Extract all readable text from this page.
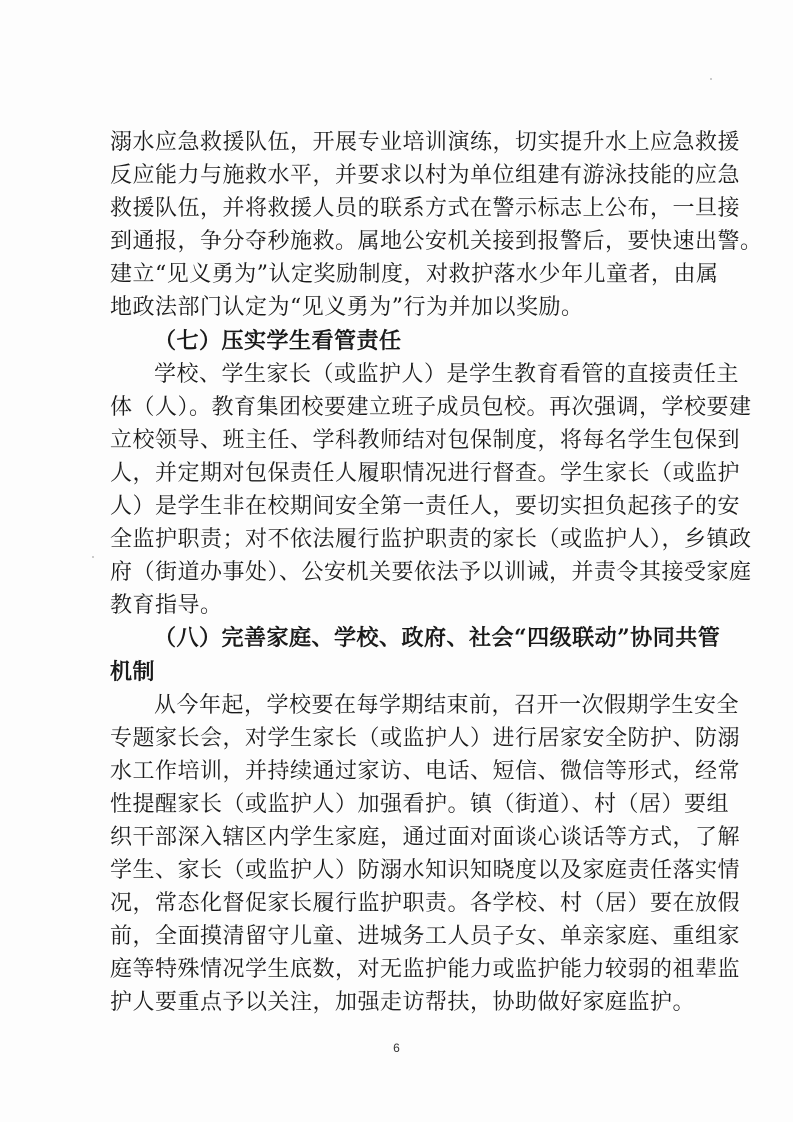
溺水应急救援队伍，开展专业培训演练，切实提升水上应急救援
反应能力与施救水平，并要求以村为单位组建有游泳技能的应急
救援队伍，并将救援人员的联系方式在警示标志上公布，一旦接
到通报，争分夺秒施救。属地公安机关接到报警后，要快速出警。
建立“见义勇为”认定奖励制度，对救护落水少年儿童者，由属
地政法部门认定为“见义勇为”行为并加以奖励。
（七）压实学生看管责任
学校、学生家长（或监护人）是学生教育看管的直接责任主
体（人）。教育集团校要建立班子成员包校。再次强调，学校要建
立校领导、班主任、学科教师结对包保制度，将每名学生包保到
人，并定期对包保责任人履职情况进行督查。学生家长（或监护
人）是学生非在校期间安全第一责任人，要切实担负起孩子的安
全监护职责；对不依法履行监护职责的家长（或监护人），乡镇政
府（街道办事处）、公安机关要依法予以训诫，并责令其接受家庭
教育指导。
（八）完善家庭、学校、政府、社会“四级联动”协同共管
机制
从今年起，学校要在每学期结束前，召开一次假期学生安全
专题家长会，对学生家长（或监护人）进行居家安全防护、防溺
水工作培训，并持续通过家访、电话、短信、微信等形式，经常
性提醒家长（或监护人）加强看护。镇（街道）、村（居）要组
织干部深入辖区内学生家庭，通过面对面谈心谈话等方式，了解
学生、家长（或监护人）防溺水知识知晓度以及家庭责任落实情
况，常态化督促家长履行监护职责。各学校、村（居）要在放假
前，全面摸清留守儿童、进城务工人员子女、单亲家庭、重组家
庭等特殊情况学生底数，对无监护能力或监护能力较弱的祖辈监
护人要重点予以关注，加强走访帮扶，协助做好家庭监护。
6
